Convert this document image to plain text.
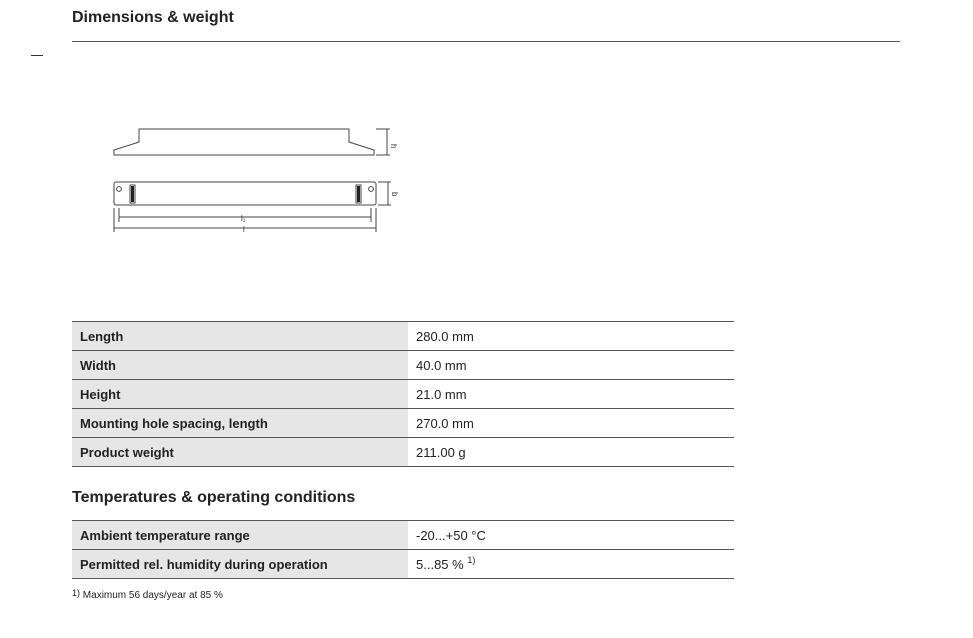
Dimensions & weight
h
b
l₁
l
Length	280.0 mm
Width	40.0 mm
Height	21.0 mm
Mounting hole spacing, length	270.0 mm
Product weight	211.00 g
Temperatures & operating conditions
Ambient temperature range	-20...+50 °C
Permitted rel. humidity during operation	5...85 % $^{1)}$
$^{1)}$ Maximum 56 days/year at 85 %
